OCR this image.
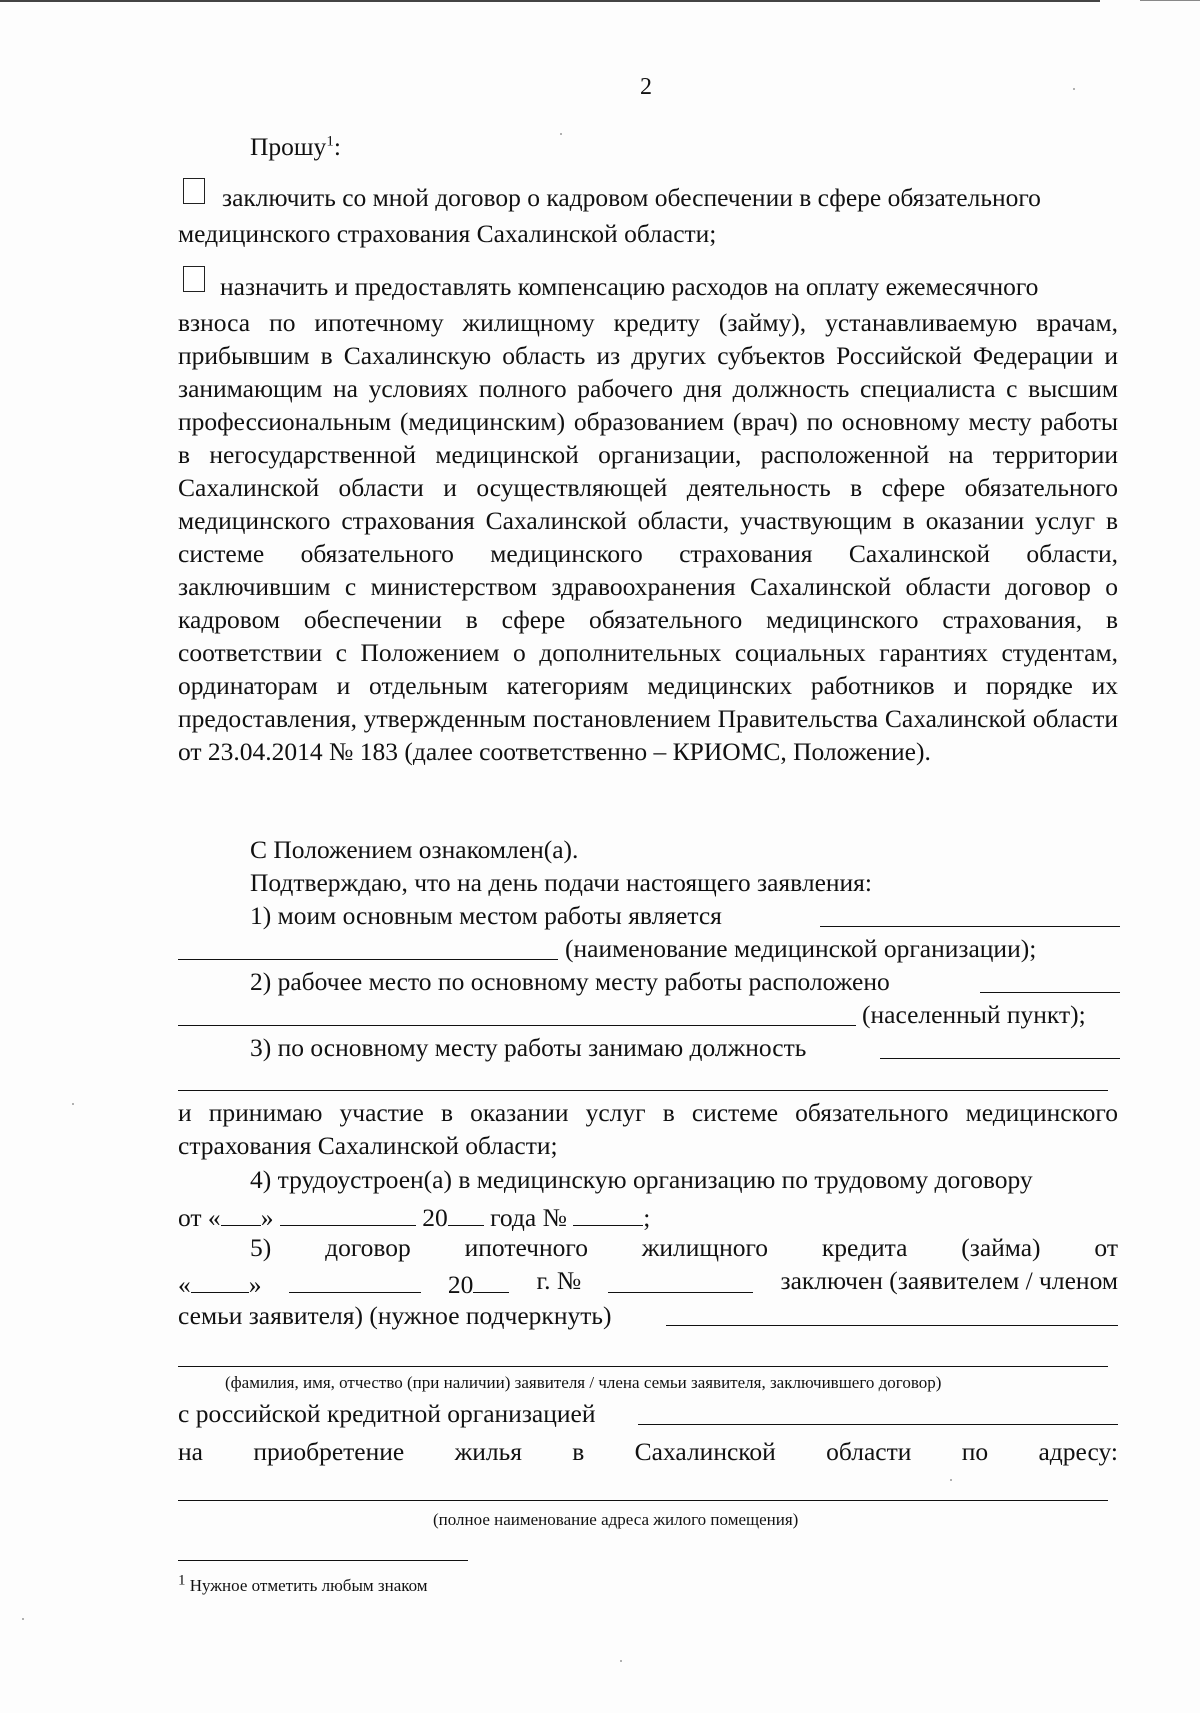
2
Прошу$^1$:
заключить со мной договор о кадровом обеспечении в сфере обязательного
медицинского страхования Сахалинской области;
назначить и предоставлять компенсацию расходов на оплату ежемесячного
взноса по ипотечному жилищному кредиту (займу), устанавливаемую врачам, прибывшим в Сахалинскую область из других субъектов Российской Федерации и занимающим на условиях полного рабочего дня должность специалиста с высшим профессиональным (медицинским) образованием (врач) по основному месту работы в негосударственной медицинской организации, расположенной на территории Сахалинской области и осуществляющей деятельность в сфере обязательного медицинского страхования Сахалинской области, участвующим в оказании услуг в системе обязательного медицинского страхования Сахалинской области, заключившим с министерством здравоохранения Сахалинской области договор о кадровом обеспечении в сфере обязательного медицинского страхования, в соответствии с Положением о дополнительных социальных гарантиях студентам, ординаторам и отдельным категориям медицинских работников и порядке их предоставления, утвержденным постановлением Правительства Сахалинской области от 23.04.2014 № 183 (далее соответственно – КРИОМС, Положение).
С Положением ознакомлен(а).
Подтверждаю, что на день подачи настоящего заявления:
1) моим основным местом работы является
(наименование медицинской организации);
2) рабочее место по основному месту работы расположено
(населенный пункт);
3) по основному месту работы занимаю должность
и принимаю участие в оказании услуг в системе обязательного медицинского страхования Сахалинской области;
4) трудоустроен(а) в медицинскую организацию по трудовому договору
от « »	20 года №	;
5) договор ипотечного жилищного кредита (займа) от
« »	20	г. №	заключен (заявителем / членом
семьи заявителя) (нужное подчеркнуть)
(фамилия, имя, отчество (при наличии) заявителя / члена семьи заявителя, заключившего договор)
с российской кредитной организацией
на приобретение жилья в Сахалинской области по адресу:
(полное наименование адреса жилого помещения)
$^1$ Нужное отметить любым знаком
